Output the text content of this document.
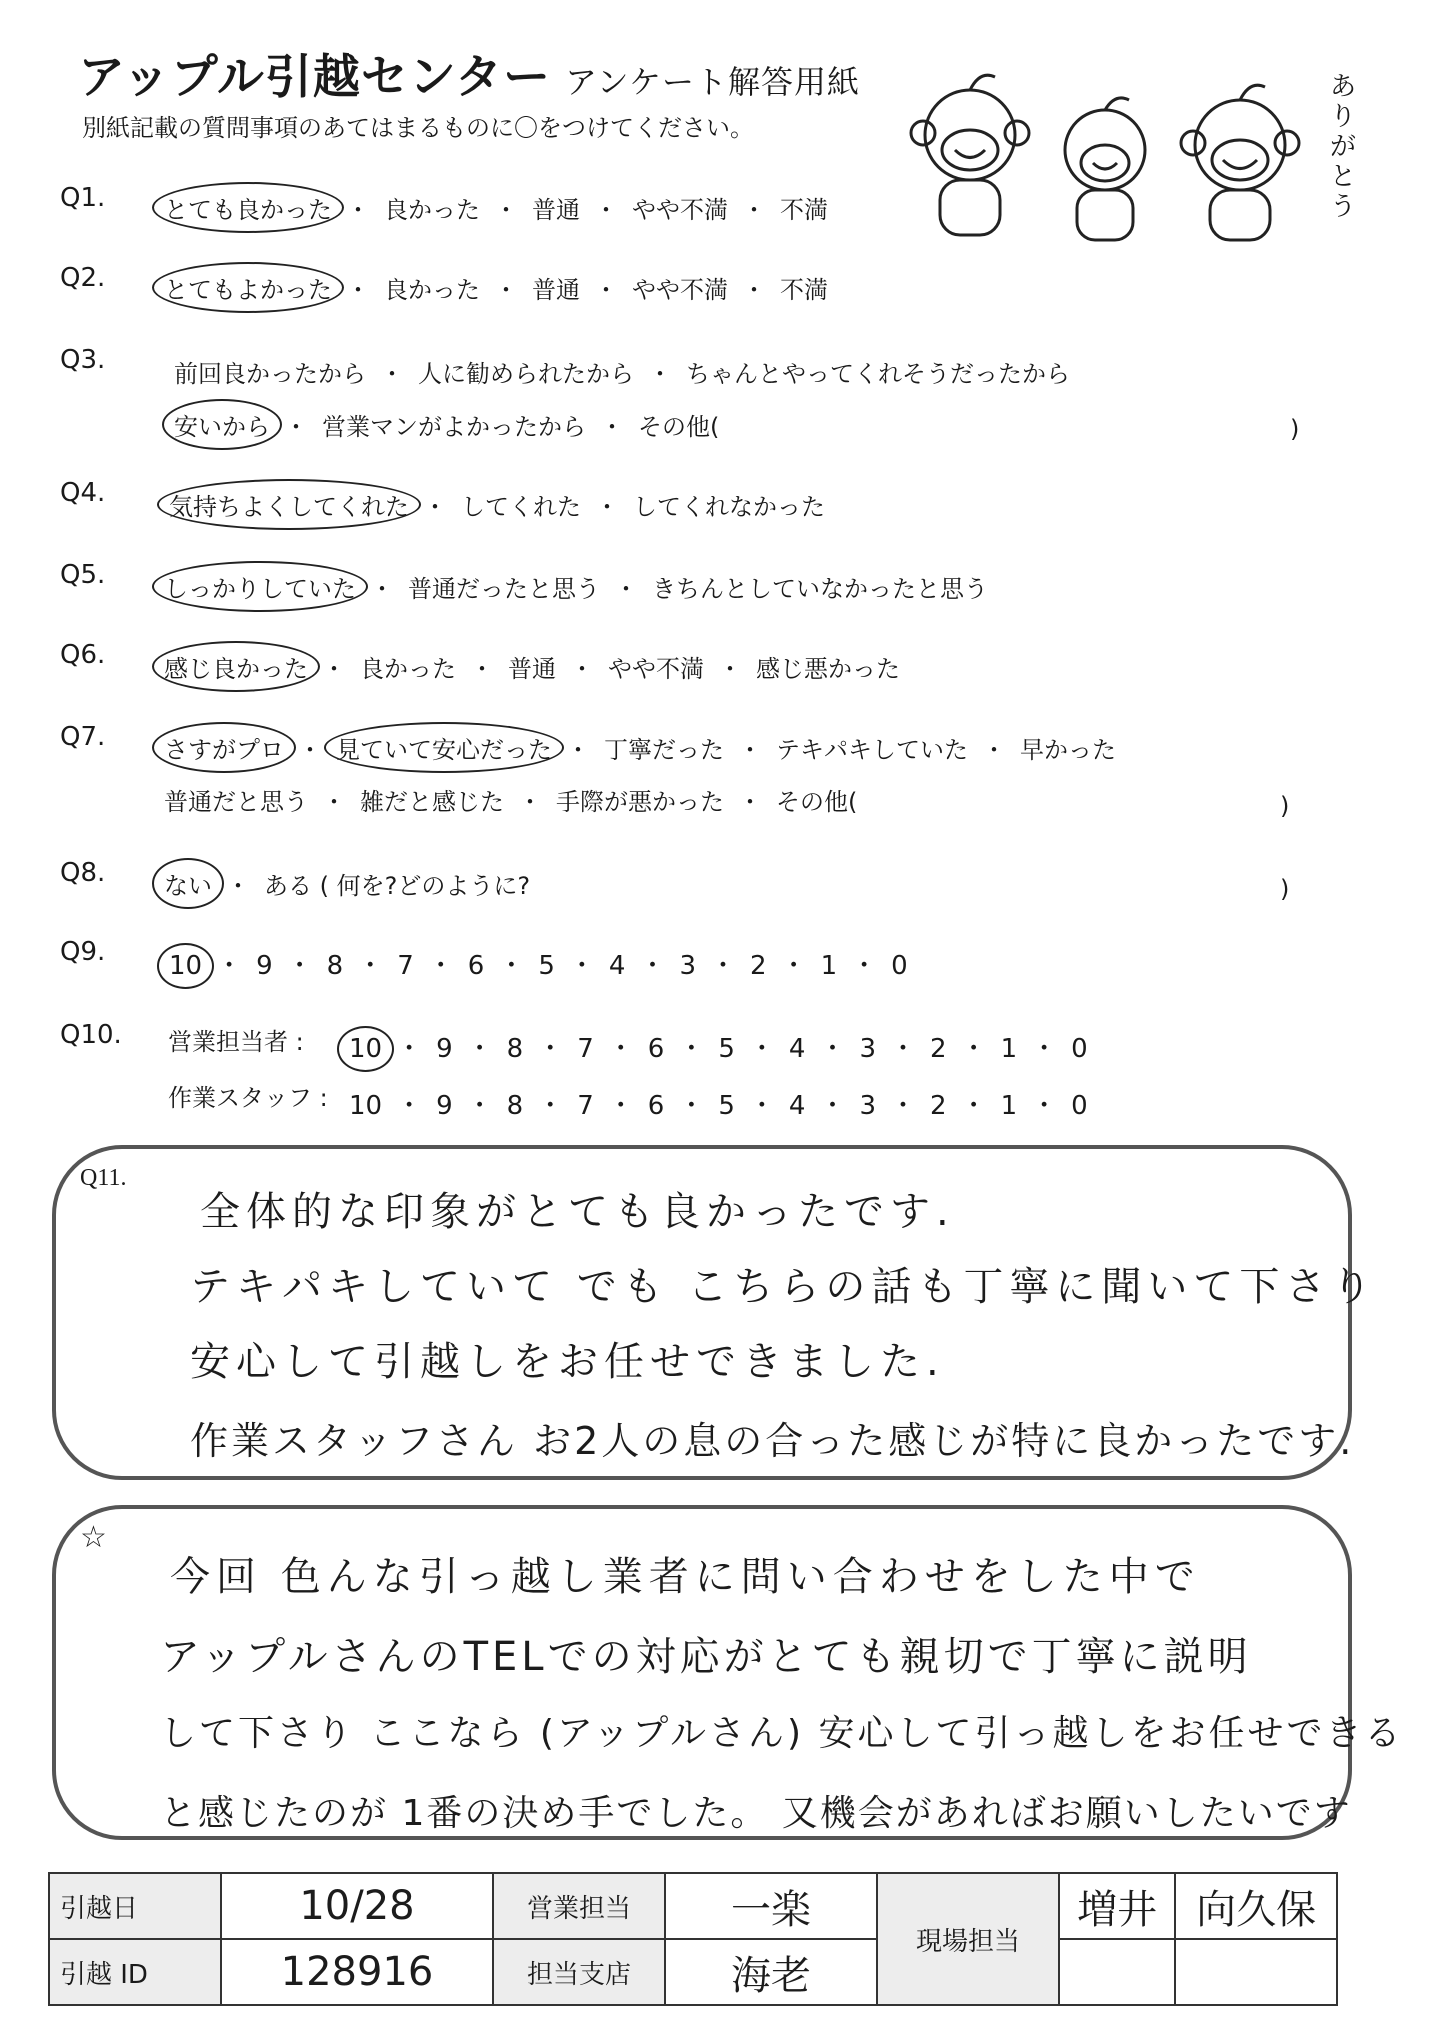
アップル引越センター アンケート解答用紙
別紙記載の質問事項のあてはまるものに〇をつけてください。
ありがとう
Q1. とても良かった ・ 良かった ・ 普通 ・ やや不満 ・ 不満
Q2. とてもよかった ・ 良かった ・ 普通 ・ やや不満 ・ 不満
Q3.	前回良かったから ・ 人に勧められたから ・ ちゃんとやってくれそうだったから
安いから ・ 営業マンがよかったから ・ その他(	)
Q4.	気持ちよくしてくれた ・ してくれた ・ してくれなかった
Q5. しっかりしていた ・ 普通だったと思う ・ きちんとしていなかったと思う
Q6. 感じ良かった ・ 良かった ・ 普通 ・ やや不満 ・ 感じ悪かった
Q7. さすがプロ ・ 見ていて安心だった ・ 丁寧だった ・ テキパキしていた ・ 早かった
普通だと思う ・ 雑だと感じた ・ 手際が悪かった ・ その他(	)
Q8. ない ・ ある ( 何を?どのように?	)
Q9. 10 ・ 9 ・ 8 ・ 7 ・ 6 ・ 5 ・ 4 ・ 3 ・ 2 ・ 1 ・ 0
Q10. 営業担当者 : 10 ・ 9 ・ 8 ・ 7 ・ 6 ・ 5 ・ 4 ・ 3 ・ 2 ・ 1 ・ 0
作業スタッフ : 10 ・ 9 ・ 8 ・ 7 ・ 6 ・ 5 ・ 4 ・ 3 ・ 2 ・ 1 ・ 0
Q11.
全体的な印象がとても良かったです.
テキパキしていて でも こちらの話も丁寧に聞いて下さり
安心して引越しをお任せできました.
作業スタッフさん お2人の息の合った感じが特に良かったです.
☆
今回 色んな引っ越し業者に問い合わせをした中で
アップルさんのTELでの対応がとても親切で丁寧に説明
して下さり ここなら (アップルさん) 安心して引っ越しをお任せできる
と感じたのが 1番の決め手でした。 又機会があればお願いしたいです
引越日	10/28	営業担当	一楽	現場担当	増井	向久保
引越 ID	128916	担当支店	海老			
